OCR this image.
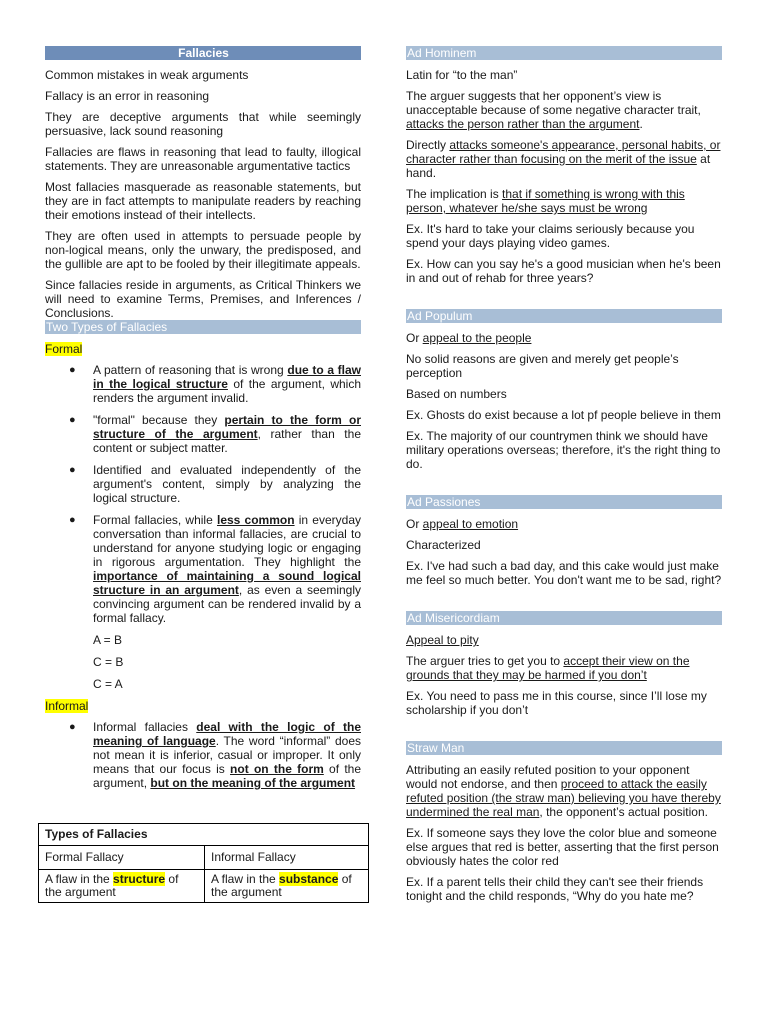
Fallacies

Common mistakes in weak arguments

Fallacy is an error in reasoning

They are deceptive arguments that while seemingly persuasive, lack sound reasoning

Fallacies are flaws in reasoning that lead to faulty, illogical statements. They are unreasonable argumentative tactics

Most fallacies masquerade as reasonable statements, but they are in fact attempts to manipulate readers by reaching their emotions instead of their intellects.

They are often used in attempts to persuade people by non-logical means, only the unwary, the predisposed, and the gullible are apt to be fooled by their illegitimate appeals.

Since fallacies reside in arguments, as Critical Thinkers we will need to examine Terms, Premises, and Inferences / Conclusions.

Two Types of Fallacies

Formal

● A pattern of reasoning that is wrong due to a flaw in the logical structure of the argument, which renders the argument invalid.
● "formal" because they pertain to the form or structure of the argument, rather than the content or subject matter.
● Identified and evaluated independently of the argument's content, simply by analyzing the logical structure.
● Formal fallacies, while less common in everyday conversation than informal fallacies, are crucial to understand for anyone studying logic or engaging in rigorous argumentation. They highlight the importance of maintaining a sound logical structure in an argument, as even a seemingly convincing argument can be rendered invalid by a formal fallacy.

A = B

C = B

C = A

Informal

● Informal fallacies deal with the logic of the meaning of language. The word “informal” does not mean it is inferior, casual or improper. It only means that our focus is not on the form of the argument, but on the meaning of the argument
Types of Fallacies	
Formal Fallacy	Informal Fallacy
A flaw in the structure of the argument	A flaw in the substance of the argument
Ad Hominem

Latin for “to the man”

The arguer suggests that her opponent’s view is unacceptable because of some negative character trait, attacks the person rather than the argument.

Directly attacks someone's appearance, personal habits, or character rather than focusing on the merit of the issue at hand.

The implication is that if something is wrong with this person, whatever he/she says must be wrong

Ex. It's hard to take your claims seriously because you spend your days playing video games.

Ex. How can you say he's a good musician when he's been in and out of rehab for three years?

Ad Populum

Or appeal to the people

No solid reasons are given and merely get people’s perception

Based on numbers

Ex. Ghosts do exist because a lot pf people believe in them

Ex. The majority of our countrymen think we should have military operations overseas; therefore, it's the right thing to do.

Ad Passiones

Or appeal to emotion

Characterized

Ex. I've had such a bad day, and this cake would just make me feel so much better. You don't want me to be sad, right?

Ad Misericordiam

Appeal to pity

The arguer tries to get you to accept their view on the grounds that they may be harmed if you don’t

Ex. You need to pass me in this course, since I’ll lose my scholarship if you don’t

Straw Man

Attributing an easily refuted position to your opponent would not endorse, and then proceed to attack the easily refuted position (the straw man) believing you have thereby undermined the real man, the opponent’s actual position.

Ex. If someone says they love the color blue and someone else argues that red is better, asserting that the first person obviously hates the color red

Ex. If a parent tells their child they can't see their friends tonight and the child responds, “Why do you hate me?
